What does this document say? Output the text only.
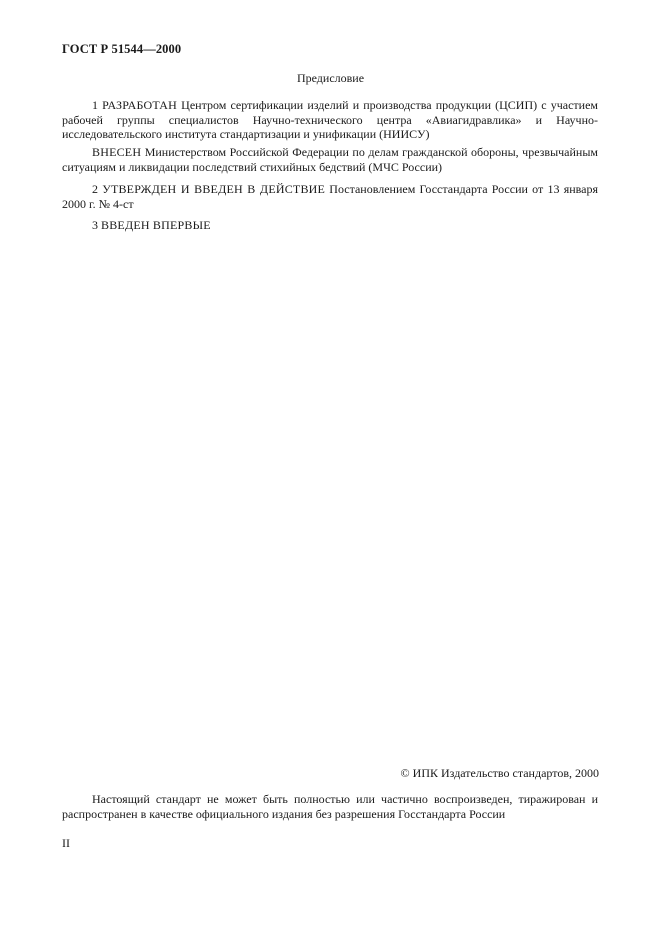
ГОСТ Р 51544—2000
Предисловие

1 РАЗРАБОТАН Центром сертификации изделий и производства продукции (ЦСИП) с участием рабочей группы специалистов Научно-технического центра «Авиагидравлика» и Научно-исследовательского института стандартизации и унификации (НИИСУ)

ВНЕСЕН Министерством Российской Федерации по делам гражданской обороны, чрезвычайным ситуациям и ликвидации последствий стихийных бедствий (МЧС России)

2 УТВЕРЖДЕН И ВВЕДЕН В ДЕЙСТВИЕ Постановлением Госстандарта России от 13 января 2000 г. № 4-ст

3 ВВЕДЕН ВПЕРВЫЕ

© ИПК Издательство стандартов, 2000

Настоящий стандарт не может быть полностью или частично воспроизведен, тиражирован и распространен в качестве официального издания без разрешения Госстандарта России

II
